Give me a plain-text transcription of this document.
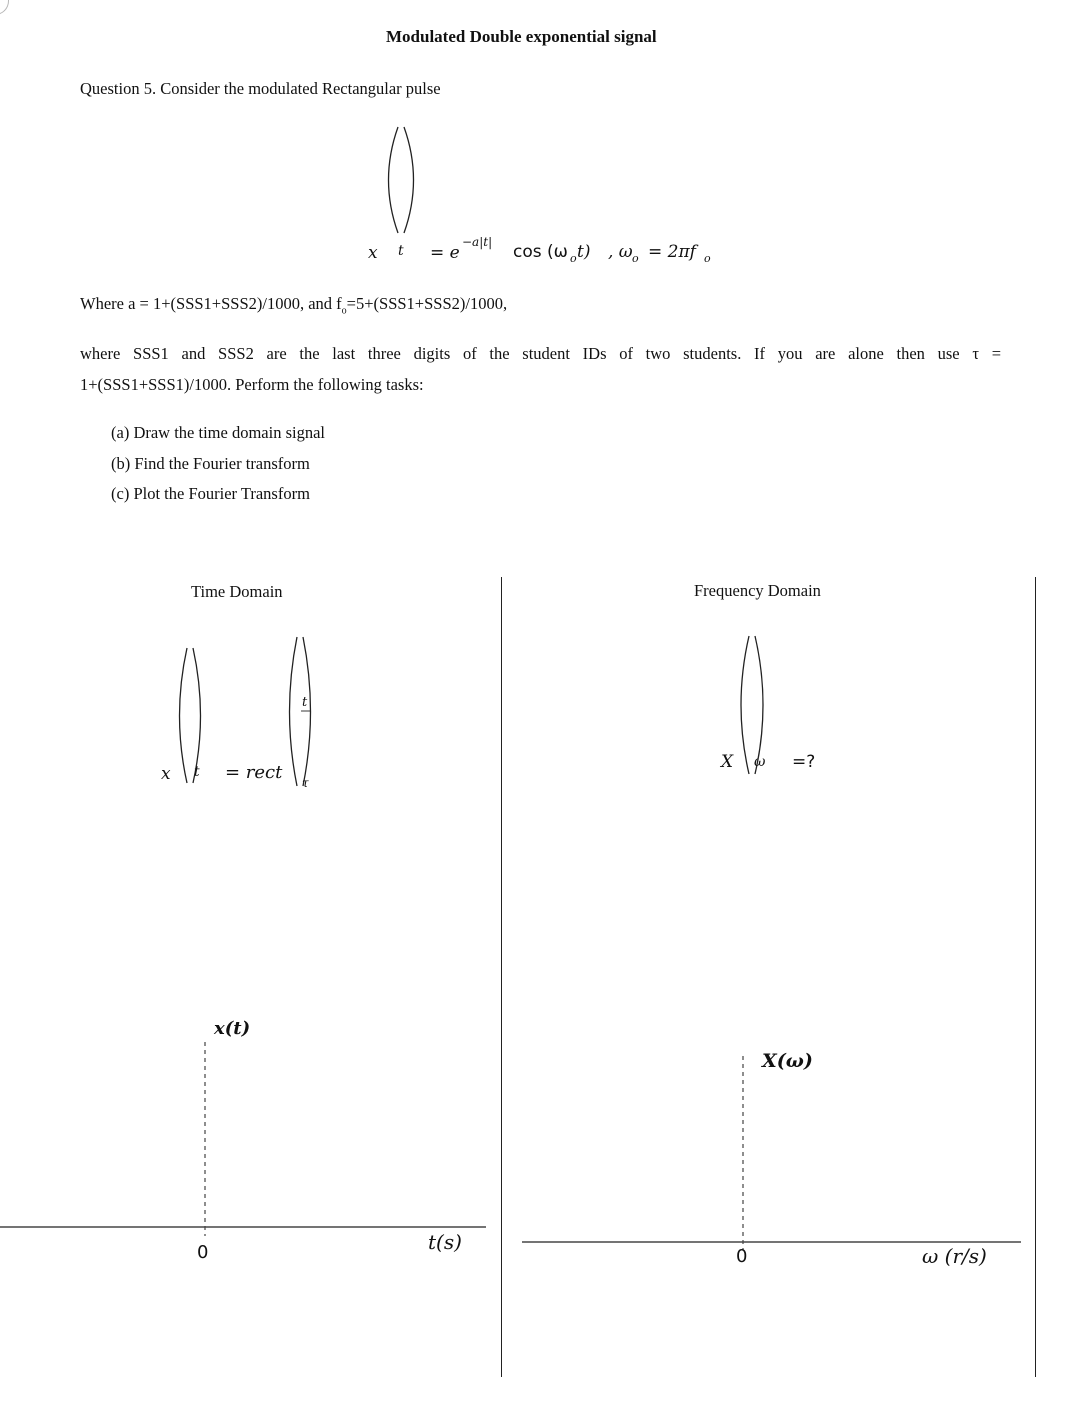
Modulated Double exponential signal
Question 5. Consider the modulated Rectangular pulse
x t = e
−a|t| cos (ω o t) , ω o = 2πf o
Where a = 1+(SSS1+SSS2)/1000, and $f_o=5+(SSS1+SSS2)/1000$,
where SSS1 and SSS2 are the last three digits of the student IDs of two students. If you are alone then use τ =
1+(SSS1+SSS1)/1000. Perform the following tasks:
(a) Draw the time domain signal
(b) Find the Fourier transform
(c) Plot the Fourier Transform
Time Domain
x t = rect
t
τ
x(t)
t(s)
0
Frequency Domain
X ω =?
X(ω)
ω (r/s)
0
